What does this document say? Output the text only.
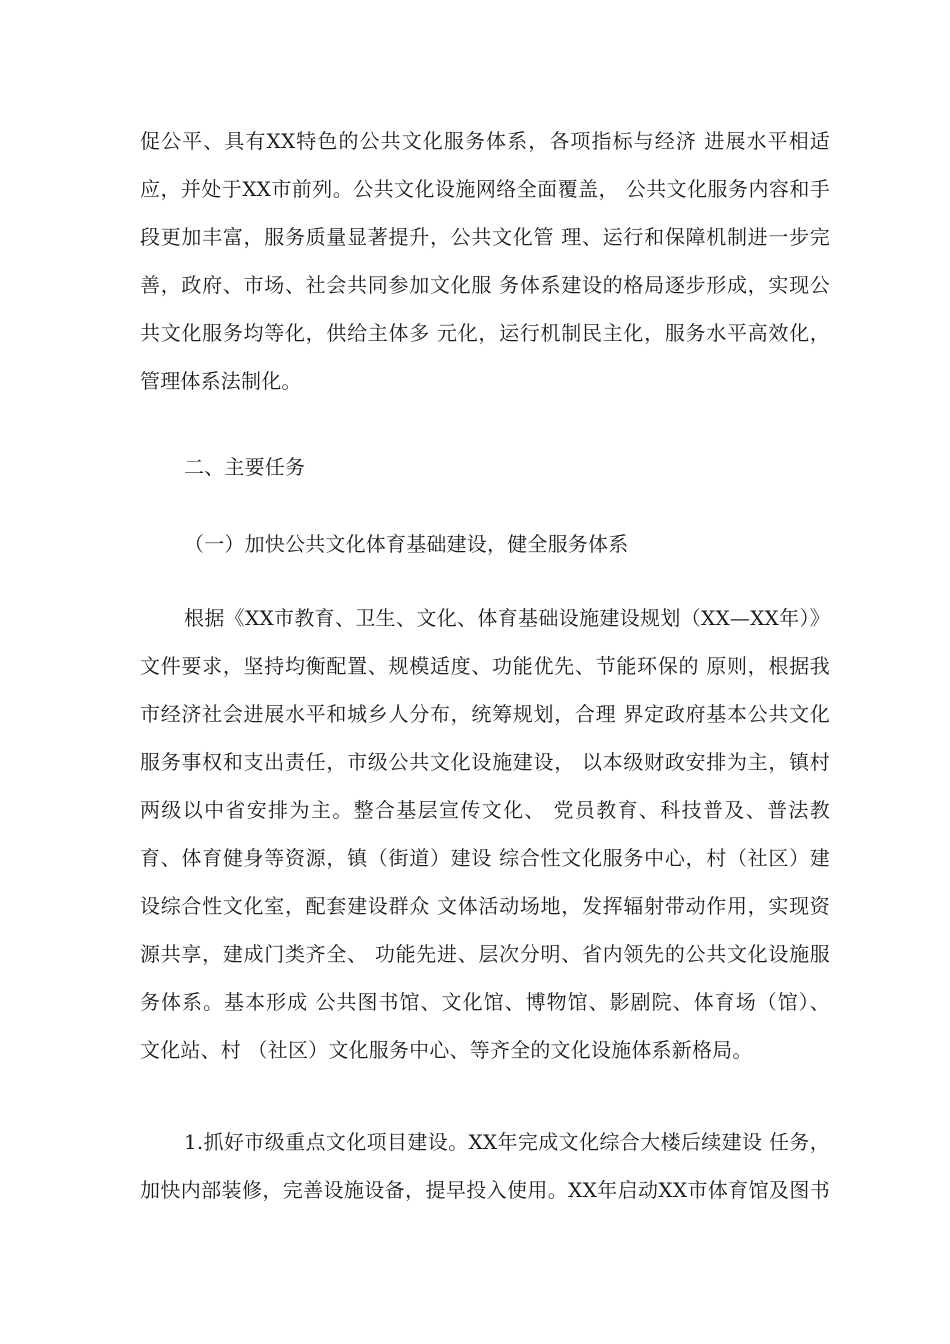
促公平、具有XX特色的公共文化服务体系，各项指标与经济 进展水平相适
应，并处于XX市前列。公共文化设施网络全面覆盖， 公共文化服务内容和手
段更加丰富，服务质量显著提升，公共文化管 理、运行和保障机制进一步完
善，政府、市场、社会共同参加文化服 务体系建设的格局逐步形成，实现公
共文化服务均等化，供给主体多 元化，运行机制民主化，服务水平高效化，
管理体系法制化。
二、主要任务
（一）加快公共文化体育基础建设，健全服务体系
根据《XX市教育、卫生、文化、体育基础设施建设规划（XX—XX年）》
文件要求，坚持均衡配置、规模适度、功能优先、节能环保的 原则，根据我
市经济社会进展水平和城乡人分布，统筹规划，合理 界定政府基本公共文化
服务事权和支出责任，市级公共文化设施建设， 以本级财政安排为主，镇村
两级以中省安排为主。整合基层宣传文化、 党员教育、科技普及、普法教
育、体育健身等资源，镇（街道）建设 综合性文化服务中心，村（社区）建
设综合性文化室，配套建设群众 文体活动场地，发挥辐射带动作用，实现资
源共享，建成门类齐全、 功能先进、层次分明、省内领先的公共文化设施服
务体系。基本形成 公共图书馆、文化馆、博物馆、影剧院、体育场（馆）、
文化站、村 （社区）文化服务中心、等齐全的文化设施体系新格局。
1.抓好市级重点文化项目建设。XX年完成文化综合大楼后续建设 任务，
加快内部装修，完善设施设备，提早投入使用。XX年启动XX市体育馆及图书
